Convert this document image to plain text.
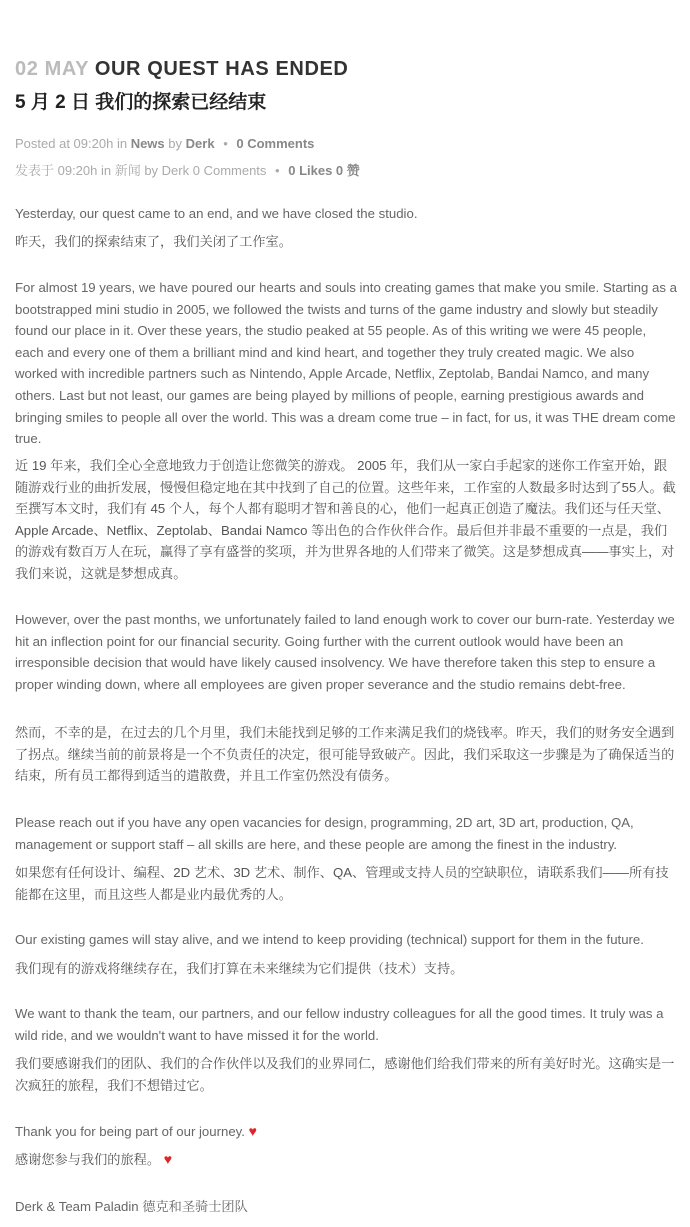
02 MAY OUR QUEST HAS ENDED
5 月 2 日 我们的探索已经结束
Posted at 09:20h in News by Derk • 0 Comments
发表于 09:20h in 新闻 by Derk 0 Comments • 0 Likes 0 赞
Yesterday, our quest came to an end, and we have closed the studio.
昨天，我们的探索结束了，我们关闭了工作室。
For almost 19 years, we have poured our hearts and souls into creating games that make you smile. Starting as a bootstrapped mini studio in 2005, we followed the twists and turns of the game industry and slowly but steadily found our place in it. Over these years, the studio peaked at 55 people. As of this writing we were 45 people, each and every one of them a brilliant mind and kind heart, and together they truly created magic. We also worked with incredible partners such as Nintendo, Apple Arcade, Netflix, Zeptolab, Bandai Namco, and many others. Last but not least, our games are being played by millions of people, earning prestigious awards and bringing smiles to people all over the world. This was a dream come true – in fact, for us, it was THE dream come true.
近 19 年来，我们全心全意地致力于创造让您微笑的游戏。 2005 年，我们从一家白手起家的迷你工作室开始，跟随游戏行业的曲折发展，慢慢但稳定地在其中找到了自己的位置。这些年来，工作室的人数最多时达到了55人。截至撰写本文时，我们有 45 个人，每个人都有聪明才智和善良的心，他们一起真正创造了魔法。我们还与任天堂、Apple Arcade、Netflix、Zeptolab、Bandai Namco 等出色的合作伙伴合作。最后但并非最不重要的一点是，我们的游戏有数百万人在玩，赢得了享有盛誉的奖项，并为世界各地的人们带来了微笑。这是梦想成真——事实上，对我们来说，这就是梦想成真。
However, over the past months, we unfortunately failed to land enough work to cover our burn-rate. Yesterday we hit an inflection point for our financial security. Going further with the current outlook would have been an irresponsible decision that would have likely caused insolvency. We have therefore taken this step to ensure a proper winding down, where all employees are given proper severance and the studio remains debt-free.
然而，不幸的是，在过去的几个月里，我们未能找到足够的工作来满足我们的烧钱率。昨天，我们的财务安全遇到了拐点。继续当前的前景将是一个不负责任的决定，很可能导致破产。因此，我们采取这一步骤是为了确保适当的结束，所有员工都得到适当的遣散费，并且工作室仍然没有债务。
Please reach out if you have any open vacancies for design, programming, 2D art, 3D art, production, QA, management or support staff – all skills are here, and these people are among the finest in the industry.
如果您有任何设计、编程、2D 艺术、3D 艺术、制作、QA、管理或支持人员的空缺职位，请联系我们——所有技能都在这里，而且这些人都是业内最优秀的人。
Our existing games will stay alive, and we intend to keep providing (technical) support for them in the future.
我们现有的游戏将继续存在，我们打算在未来继续为它们提供（技术）支持。
We want to thank the team, our partners, and our fellow industry colleagues for all the good times. It truly was a wild ride, and we wouldn't want to have missed it for the world.
我们要感谢我们的团队、我们的合作伙伴以及我们的业界同仁，感谢他们给我们带来的所有美好时光。这确实是一次疯狂的旅程，我们不想错过它。
Thank you for being part of our journey. ♥
感谢您参与我们的旅程。 ♥
Derk & Team Paladin 德克和圣骑士团队
